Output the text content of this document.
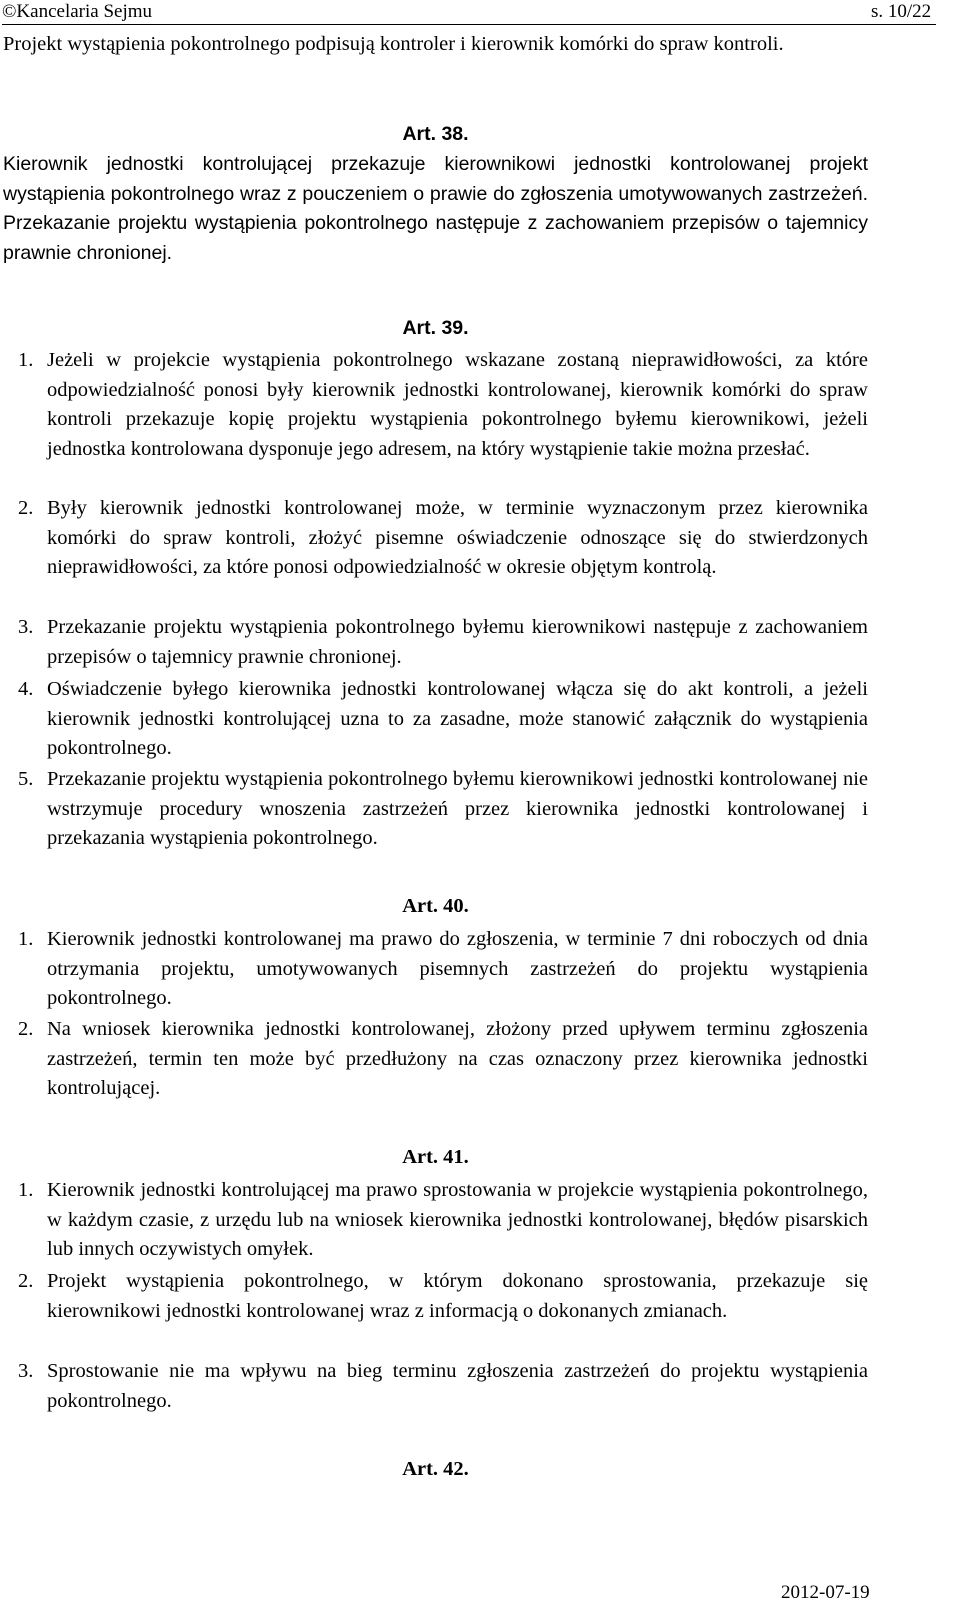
©Kancelaria Sejmu	s. 10/22
Projekt wystąpienia pokontrolnego podpisują kontroler i kierownik komórki do spraw kontroli.
Art. 38.
Kierownik jednostki kontrolującej przekazuje kierownikowi jednostki kontrolowanej projekt wystąpienia pokontrolnego wraz z pouczeniem o prawie do zgłoszenia umotywowanych zastrzeżeń. Przekazanie projektu wystąpienia pokontrolnego następuje z zachowaniem przepisów o tajemnicy prawnie chronionej.
Art. 39.
1. Jeżeli w projekcie wystąpienia pokontrolnego wskazane zostaną nieprawidłowości, za które odpowiedzialność ponosi były kierownik jednostki kontrolowanej, kierownik komórki do spraw kontroli przekazuje kopię projektu wystąpienia pokontrolnego byłemu kierownikowi, jeżeli jednostka kontrolowana dysponuje jego adresem, na który wystąpienie takie można przesłać.
2. Były kierownik jednostki kontrolowanej może, w terminie wyznaczonym przez kierownika komórki do spraw kontroli, złożyć pisemne oświadczenie odnoszące się do stwierdzonych nieprawidłowości, za które ponosi odpowiedzialność w okresie objętym kontrolą.
3. Przekazanie projektu wystąpienia pokontrolnego byłemu kierownikowi następuje z zachowaniem przepisów o tajemnicy prawnie chronionej.
4. Oświadczenie byłego kierownika jednostki kontrolowanej włącza się do akt kontroli, a jeżeli kierownik jednostki kontrolującej uzna to za zasadne, może stanowić załącznik do wystąpienia pokontrolnego.
5. Przekazanie projektu wystąpienia pokontrolnego byłemu kierownikowi jednostki kontrolowanej nie wstrzymuje procedury wnoszenia zastrzeżeń przez kierownika jednostki kontrolowanej i przekazania wystąpienia pokontrolnego.
Art. 40.
1. Kierownik jednostki kontrolowanej ma prawo do zgłoszenia, w terminie 7 dni roboczych od dnia otrzymania projektu, umotywowanych pisemnych zastrzeżeń do projektu wystąpienia pokontrolnego.
2. Na wniosek kierownika jednostki kontrolowanej, złożony przed upływem terminu zgłoszenia zastrzeżeń, termin ten może być przedłużony na czas oznaczony przez kierownika jednostki kontrolującej.
Art. 41.
1. Kierownik jednostki kontrolującej ma prawo sprostowania w projekcie wystąpienia pokontrolnego, w każdym czasie, z urzędu lub na wniosek kierownika jednostki kontrolowanej, błędów pisarskich lub innych oczywistych omyłek.
2. Projekt wystąpienia pokontrolnego, w którym dokonano sprostowania, przekazuje się kierownikowi jednostki kontrolowanej wraz z informacją o dokonanych zmianach.
3. Sprostowanie nie ma wpływu na bieg terminu zgłoszenia zastrzeżeń do projektu wystąpienia pokontrolnego.
Art. 42.
2012-07-19
